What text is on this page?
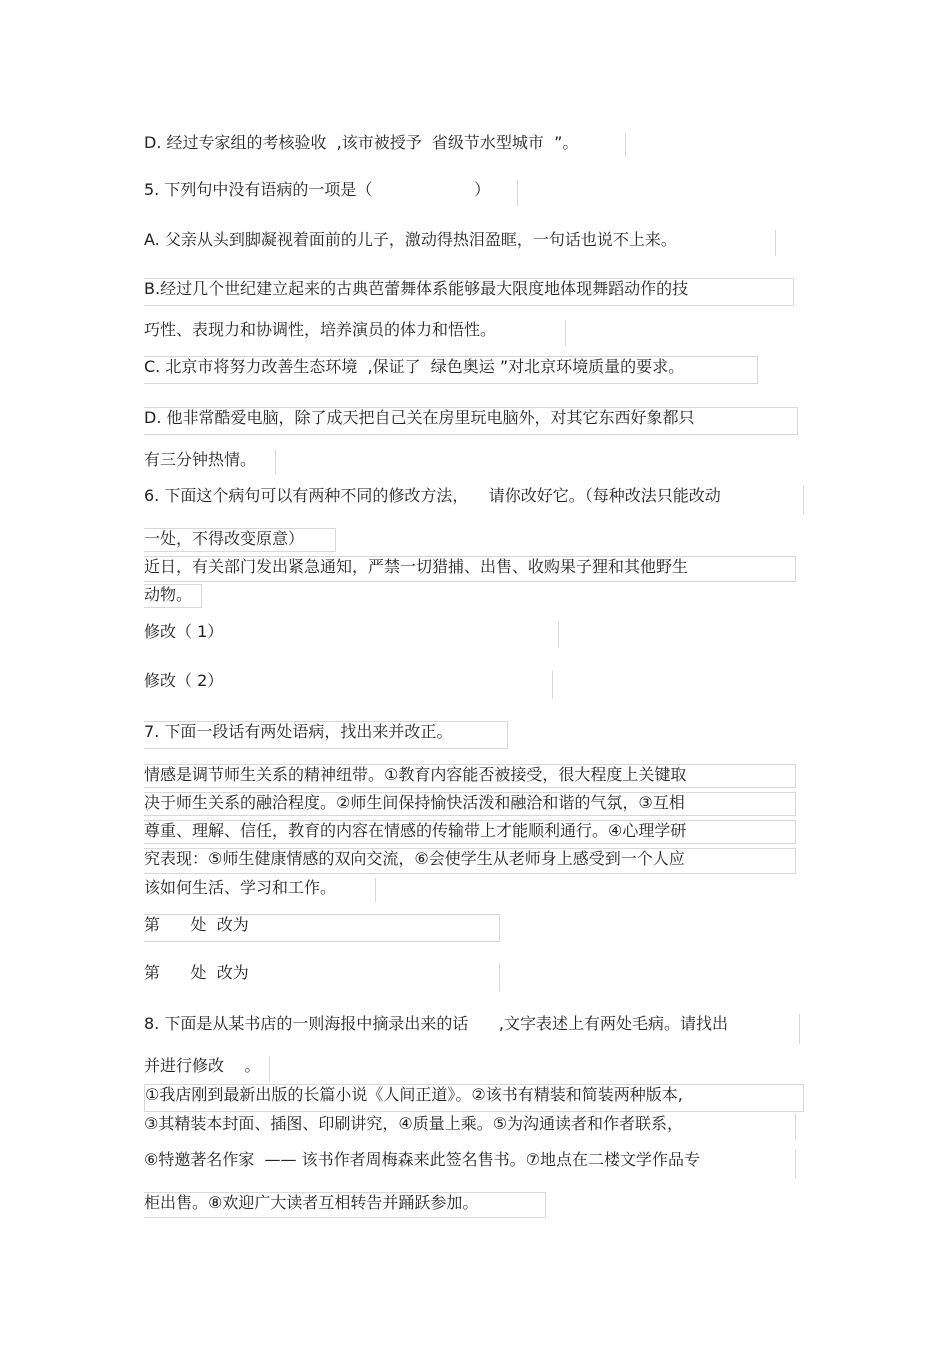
D. 经过专家组的考核验收  ,该市被授予  省级节水型城市  ”。
5. 下列句中没有语病的一项是（                    ）
A. 父亲从头到脚凝视着面前的儿子，激动得热泪盈眶，一句话也说不上来。
B.经过几个世纪建立起来的古典芭蕾舞体系能够最大限度地体现舞蹈动作的技
巧性、表现力和协调性，培养演员的体力和悟性。
C. 北京市将努力改善生态环境  ,保证了  绿色奥运 ”对北京环境质量的要求。
D. 他非常酷爱电脑，除了成天把自己关在房里玩电脑外，对其它东西好象都只
有三分钟热情。
6. 下面这个病句可以有两种不同的修改方法，    请你改好它。（每种改法只能改动
一处，不得改变原意）
近日，有关部门发出紧急通知，严禁一切猎捕、出售、收购果子狸和其他野生
动物。
修改（ 1）
修改（ 2）
7. 下面一段话有两处语病，找出来并改正。
情感是调节师生关系的精神纽带。①教育内容能否被接受，很大程度上关键取
决于师生关系的融洽程度。②师生间保持愉快活泼和融洽和谐的气氛，③互相
尊重、理解、信任，教育的内容在情感的传输带上才能顺利通行。④心理学研
究表现：⑤师生健康情感的双向交流，⑥会使学生从老师身上感受到一个人应
该如何生活、学习和工作。
第      处  改为
第      处  改为
8. 下面是从某书店的一则海报中摘录出来的话      ,文字表述上有两处毛病。请找出
并进行修改    。
①我店刚到最新出版的长篇小说《人间正道》。②该书有精装和简装两种版本,
③其精装本封面、插图、印刷讲究，④质量上乘。⑤为沟通读者和作者联系，
⑥特邀著名作家  —— 该书作者周梅森来此签名售书。⑦地点在二楼文学作品专
柜出售。⑧欢迎广大读者互相转告并踊跃参加。
